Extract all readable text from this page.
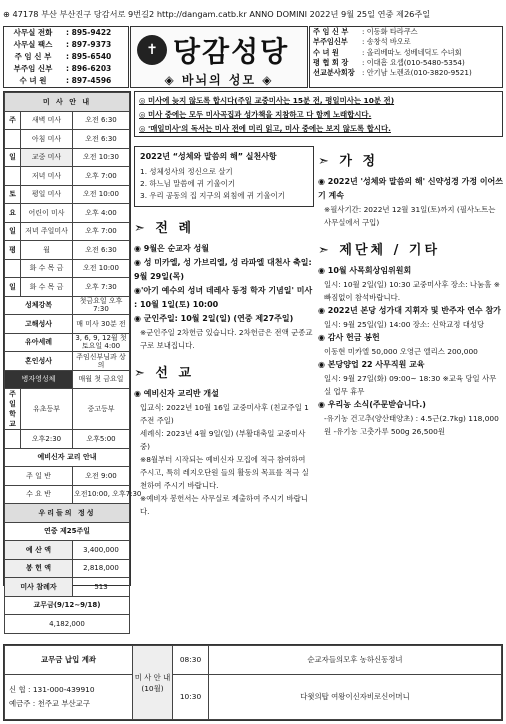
⊕ 47178 부산 부산진구 당감서로 9번길2 http://dangam.catb.kr ANNO DOMINI 2022년 9월 25일 연중 제26주일
사무실 전화	: 895-9422
사무실 팩스	: 897-9373
주 임 신 부	: 895-6540
부주임 신부	: 896-6203
수 녀 원	: 897-4596
✝ 당감성당
◈ 바뇌의 성모 ◈
주 임 신 부	: 이동화 타라쿠스
부주임신부	: 송창석 바오로
수 녀 원	: 올리베따노 성베네딕도 수녀회
평 협 회 장	: 이대흠 요셉(010-5480-5354)
선교분사회장	: 안기남 노렌죠(010-3820-9521)
미 사 안 내		
주	새벽 미사	오전 6:30
	아침 미사	오전 6:30
일	교중 미사	오전 10:30
	저녁 미사	오후 7:00
토	평일 미사	오전 10:00
요	어린이 미사	오후 4:00
일	저녁 주일미사	오후 7:00
평	월	오전 6:30
	화 수 목 금	오전 10:00
일	화 수 목 금	오후 7:30
성체강복		첫금요일 오후 7:30
고해성사		매 미사 30분 전
유아세례		3, 6, 9, 12월 첫토요일 4:00
혼인성사		주임신부님과 상의
병자영성체		매월 첫 금요일
주일학교	유초등부	중고등부
	오후2:30	오후5:00
예비신자 교리 안내		
주 일 반		오전 9:00
수 요 반		오전10:00, 오후7:30
우리들의 정성		
연중 제25주일		
예 산 액		3,400,000
봉 헌 액		2,818,000
미사 참례자		513
교무금(9/12~9/18)		
4,182,000		
◎ 미사에 늦지 않도록 합시다(주일 교중미사는 15분 전, 평일미사는 10분 전)
◎ 미사 중에는 모두 미사곡집과 성가책을 지참하고 다 함께 노래합시다.
◎ '매일미사'의 독서는 미사 전에 미리 읽고, 미사 중에는 보지 않도록 합시다.
2022년 “성체와 말씀의 해” 실천사항
1. 성체성사의 정신으로 살기
2. 하느님 말씀에 귀 기울이기
3. 우리 공동의 집 지구의 외침에 귀 기울이기
➣ 전 례
◉ 9월은 순교자 성월
◉ 성 미카엘, 성 가브리엘, 성 라파엘 대천사 축일: 9월 29일(목)
◉'아기 예수의 성녀 데레사 동정 학자 기념일' 미사 : 10월 1일(토) 10:00
◉ 군인주일: 10월 2일(일) (연중 제27주일)
※군인주일 2차헌금 있습니다. 2차헌금은 전액 군종교구로 보내집니다.
➣ 선 교
◉ 예비신자 교리반 개설
입교식: 2022년 10월 16일 교중미사후 (친교주일 1주전 주일)
세례식: 2023년 4월 9일(일) (부활대축일 교중미사 중)
※8월부터 시작되는 예비신자 모집에 적극 참여하여 주시고, 특히 레지오단원 들의 활동의 목표를 적극 실천하여 주시기 바랍니다.
※예비자 봉헌서는 사무실로 제출하여 주시기 바랍니다.
➣ 가 정
◉ 2022년 '성체와 말씀의 해' 신약성경 가정 이어쓰기 계속
※필사기간: 2022년 12월 31일(토)까지 (필사노트는 사무실에서 구입)
➣ 제단체 / 기타
◉ 10월 사목회상임위원회
일시: 10월 2일(일) 10:30 교중미사후 장소: 나눔홀 ※빠짐없이 참석바랍니다.
◉ 2022년 본당 성가대 지휘자 및 반주자 연수 참가
일시: 9월 25일(일) 14:00 장소: 신학교정 대성당
◉ 감사 헌금 봉헌
이동현 미카엘 50,000 오영근 엘리스 200,000
◉ 본당양업 22 사무직원 교육
일시: 9월 27일(화) 09:00~ 18:30 ※교육 당일 사무실 업무 휴무
◉ 우리농 소식(주문받습니다.)
-유기농 건고추(양산태양초) : 4.5근(2.7kg) 118,000원 -유기농 고춧가루 500g 26,500원
교무금 납입 계좌	미 사 안 내 (10월)	08:30	순교자들의모후 농하신동정녀

신 협 : 131-000-439910
예금주 : 천주교 부산교구		10:30	다윗의탑 여왕이신자비로신어머니
